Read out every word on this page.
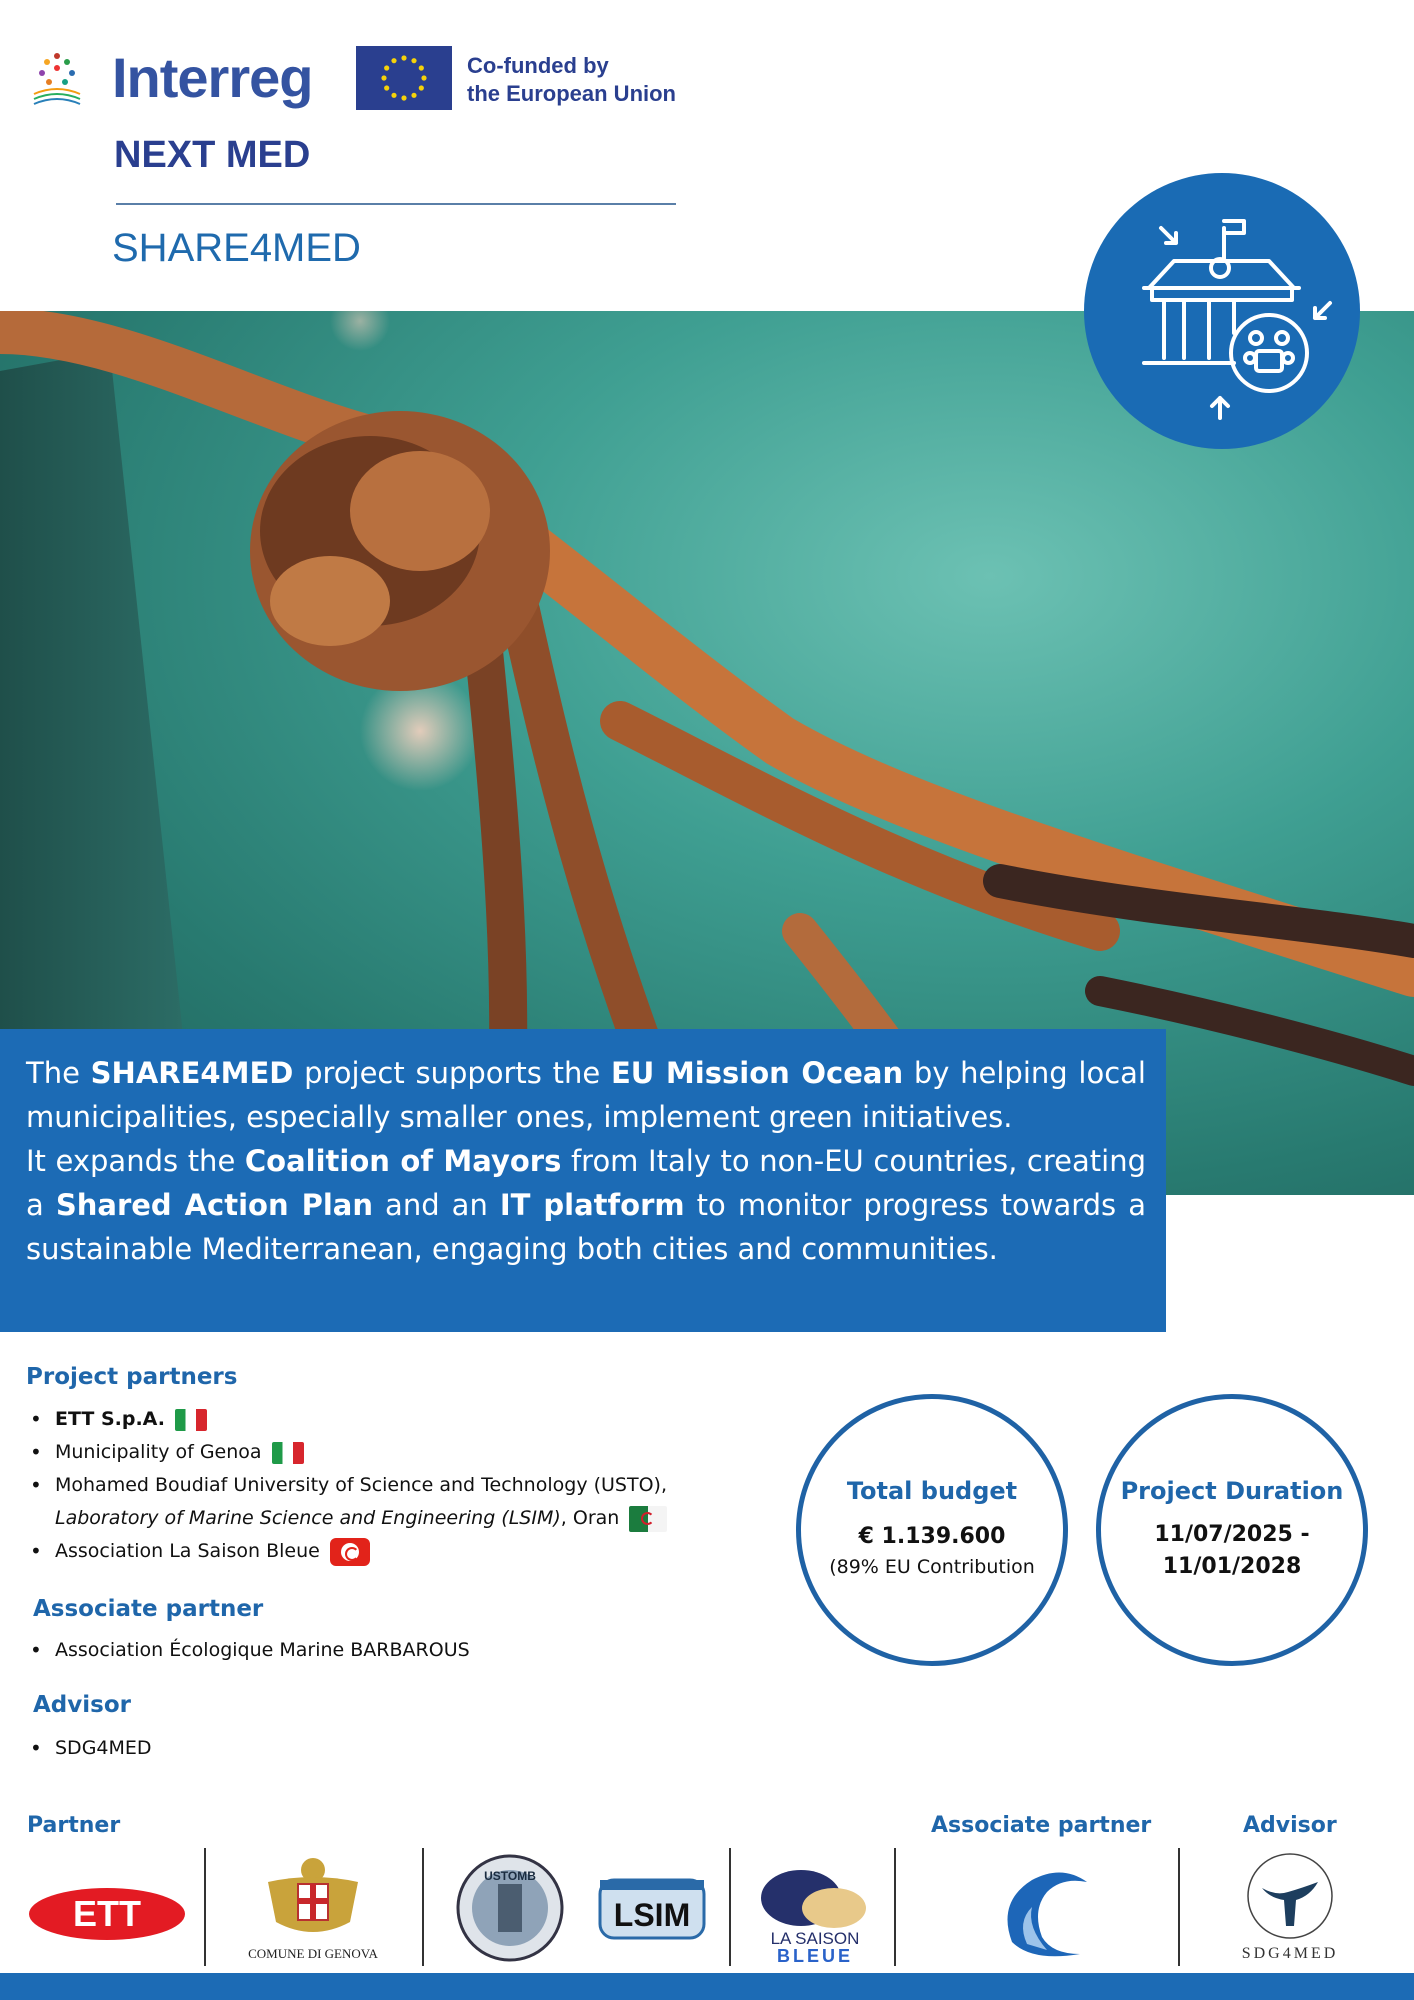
Interreg	Co-funded by
the European Union
NEXT MED
SHARE4MED

The SHARE4MED project supports the EU Mission Ocean by helping local municipalities, especially smaller ones, implement green initiatives.

It expands the Coalition of Mayors from Italy to non-EU countries, creating a Shared Action Plan and an IT platform to monitor progress towards a sustainable Mediterranean, engaging both cities and communities.

Project partners
• ETT S.p.A.
• Municipality of Genoa
• Mohamed Boudiaf University of Science and Technology (USTO),
Laboratory of Marine Science and Engineering (LSIM), Oran
• Association La Saison Bleue
Associate partner
• Association Écologique Marine BARBAROUS
Advisor
• SDG4MED
Total budget
€ 1.139.600
(89% EU Contribution
Project Duration
11/07/2025 -
11/01/2028
Partner	Associate partner	Advisor
ETT
COMUNE DI GENOVA
USTOMB
LSIM
LA SAISON
BLEUE	SDG4MED
